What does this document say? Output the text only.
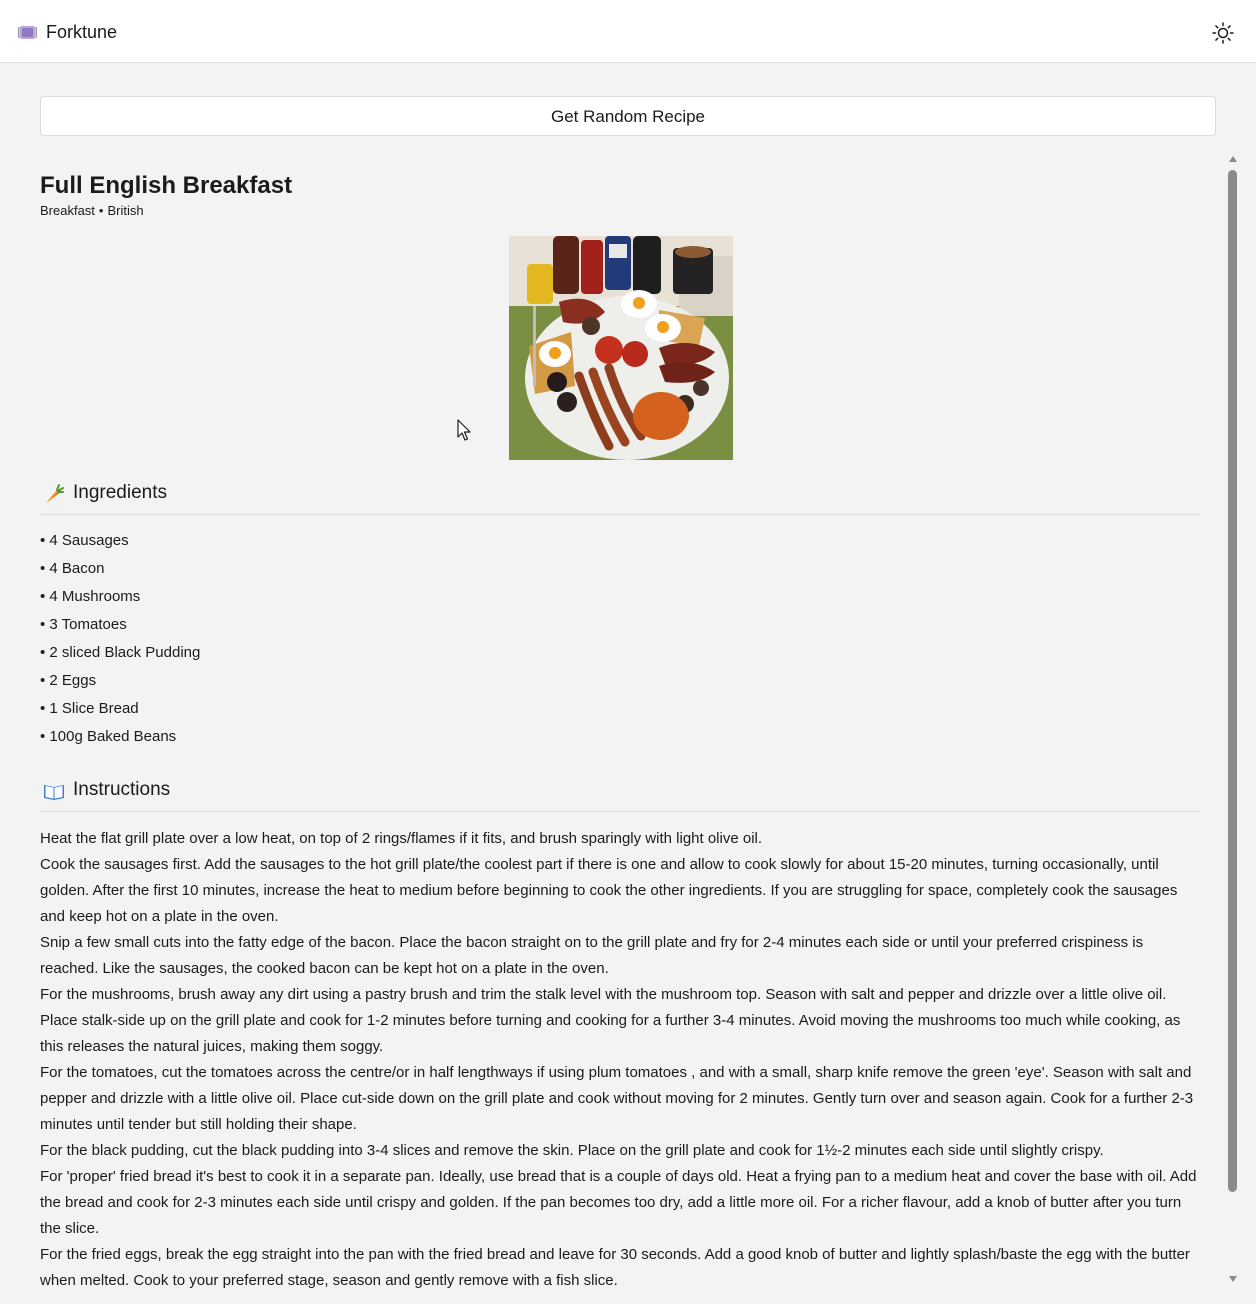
Forktune
Get Random Recipe
Full English Breakfast
Breakfast • British
Ingredients
• 4 Sausages
• 4 Bacon
• 4 Mushrooms
• 3 Tomatoes
• 2 sliced Black Pudding
• 2 Eggs
• 1 Slice Bread
• 100g Baked Beans
Instructions
Heat the flat grill plate over a low heat, on top of 2 rings/flames if it fits, and brush sparingly with light olive oil.
Cook the sausages first. Add the sausages to the hot grill plate/the coolest part if there is one and allow to cook slowly for about 15-20 minutes, turning occasionally, until golden. After the first 10 minutes, increase the heat to medium before beginning to cook the other ingredients. If you are struggling for space, completely cook the sausages and keep hot on a plate in the oven.
Snip a few small cuts into the fatty edge of the bacon. Place the bacon straight on to the grill plate and fry for 2-4 minutes each side or until your preferred crispiness is reached. Like the sausages, the cooked bacon can be kept hot on a plate in the oven.
For the mushrooms, brush away any dirt using a pastry brush and trim the stalk level with the mushroom top. Season with salt and pepper and drizzle over a little olive oil. Place stalk-side up on the grill plate and cook for 1-2 minutes before turning and cooking for a further 3-4 minutes. Avoid moving the mushrooms too much while cooking, as this releases the natural juices, making them soggy.
For the tomatoes, cut the tomatoes across the centre/or in half lengthways if using plum tomatoes , and with a small, sharp knife remove the green 'eye'. Season with salt and pepper and drizzle with a little olive oil. Place cut-side down on the grill plate and cook without moving for 2 minutes. Gently turn over and season again. Cook for a further 2-3 minutes until tender but still holding their shape.
For the black pudding, cut the black pudding into 3-4 slices and remove the skin. Place on the grill plate and cook for 1½-2 minutes each side until slightly crispy.
For 'proper' fried bread it's best to cook it in a separate pan. Ideally, use bread that is a couple of days old. Heat a frying pan to a medium heat and cover the base with oil. Add the bread and cook for 2-3 minutes each side until crispy and golden. If the pan becomes too dry, add a little more oil. For a richer flavour, add a knob of butter after you turn the slice.
For the fried eggs, break the egg straight into the pan with the fried bread and leave for 30 seconds. Add a good knob of butter and lightly splash/baste the egg with the butter when melted. Cook to your preferred stage, season and gently remove with a fish slice.
